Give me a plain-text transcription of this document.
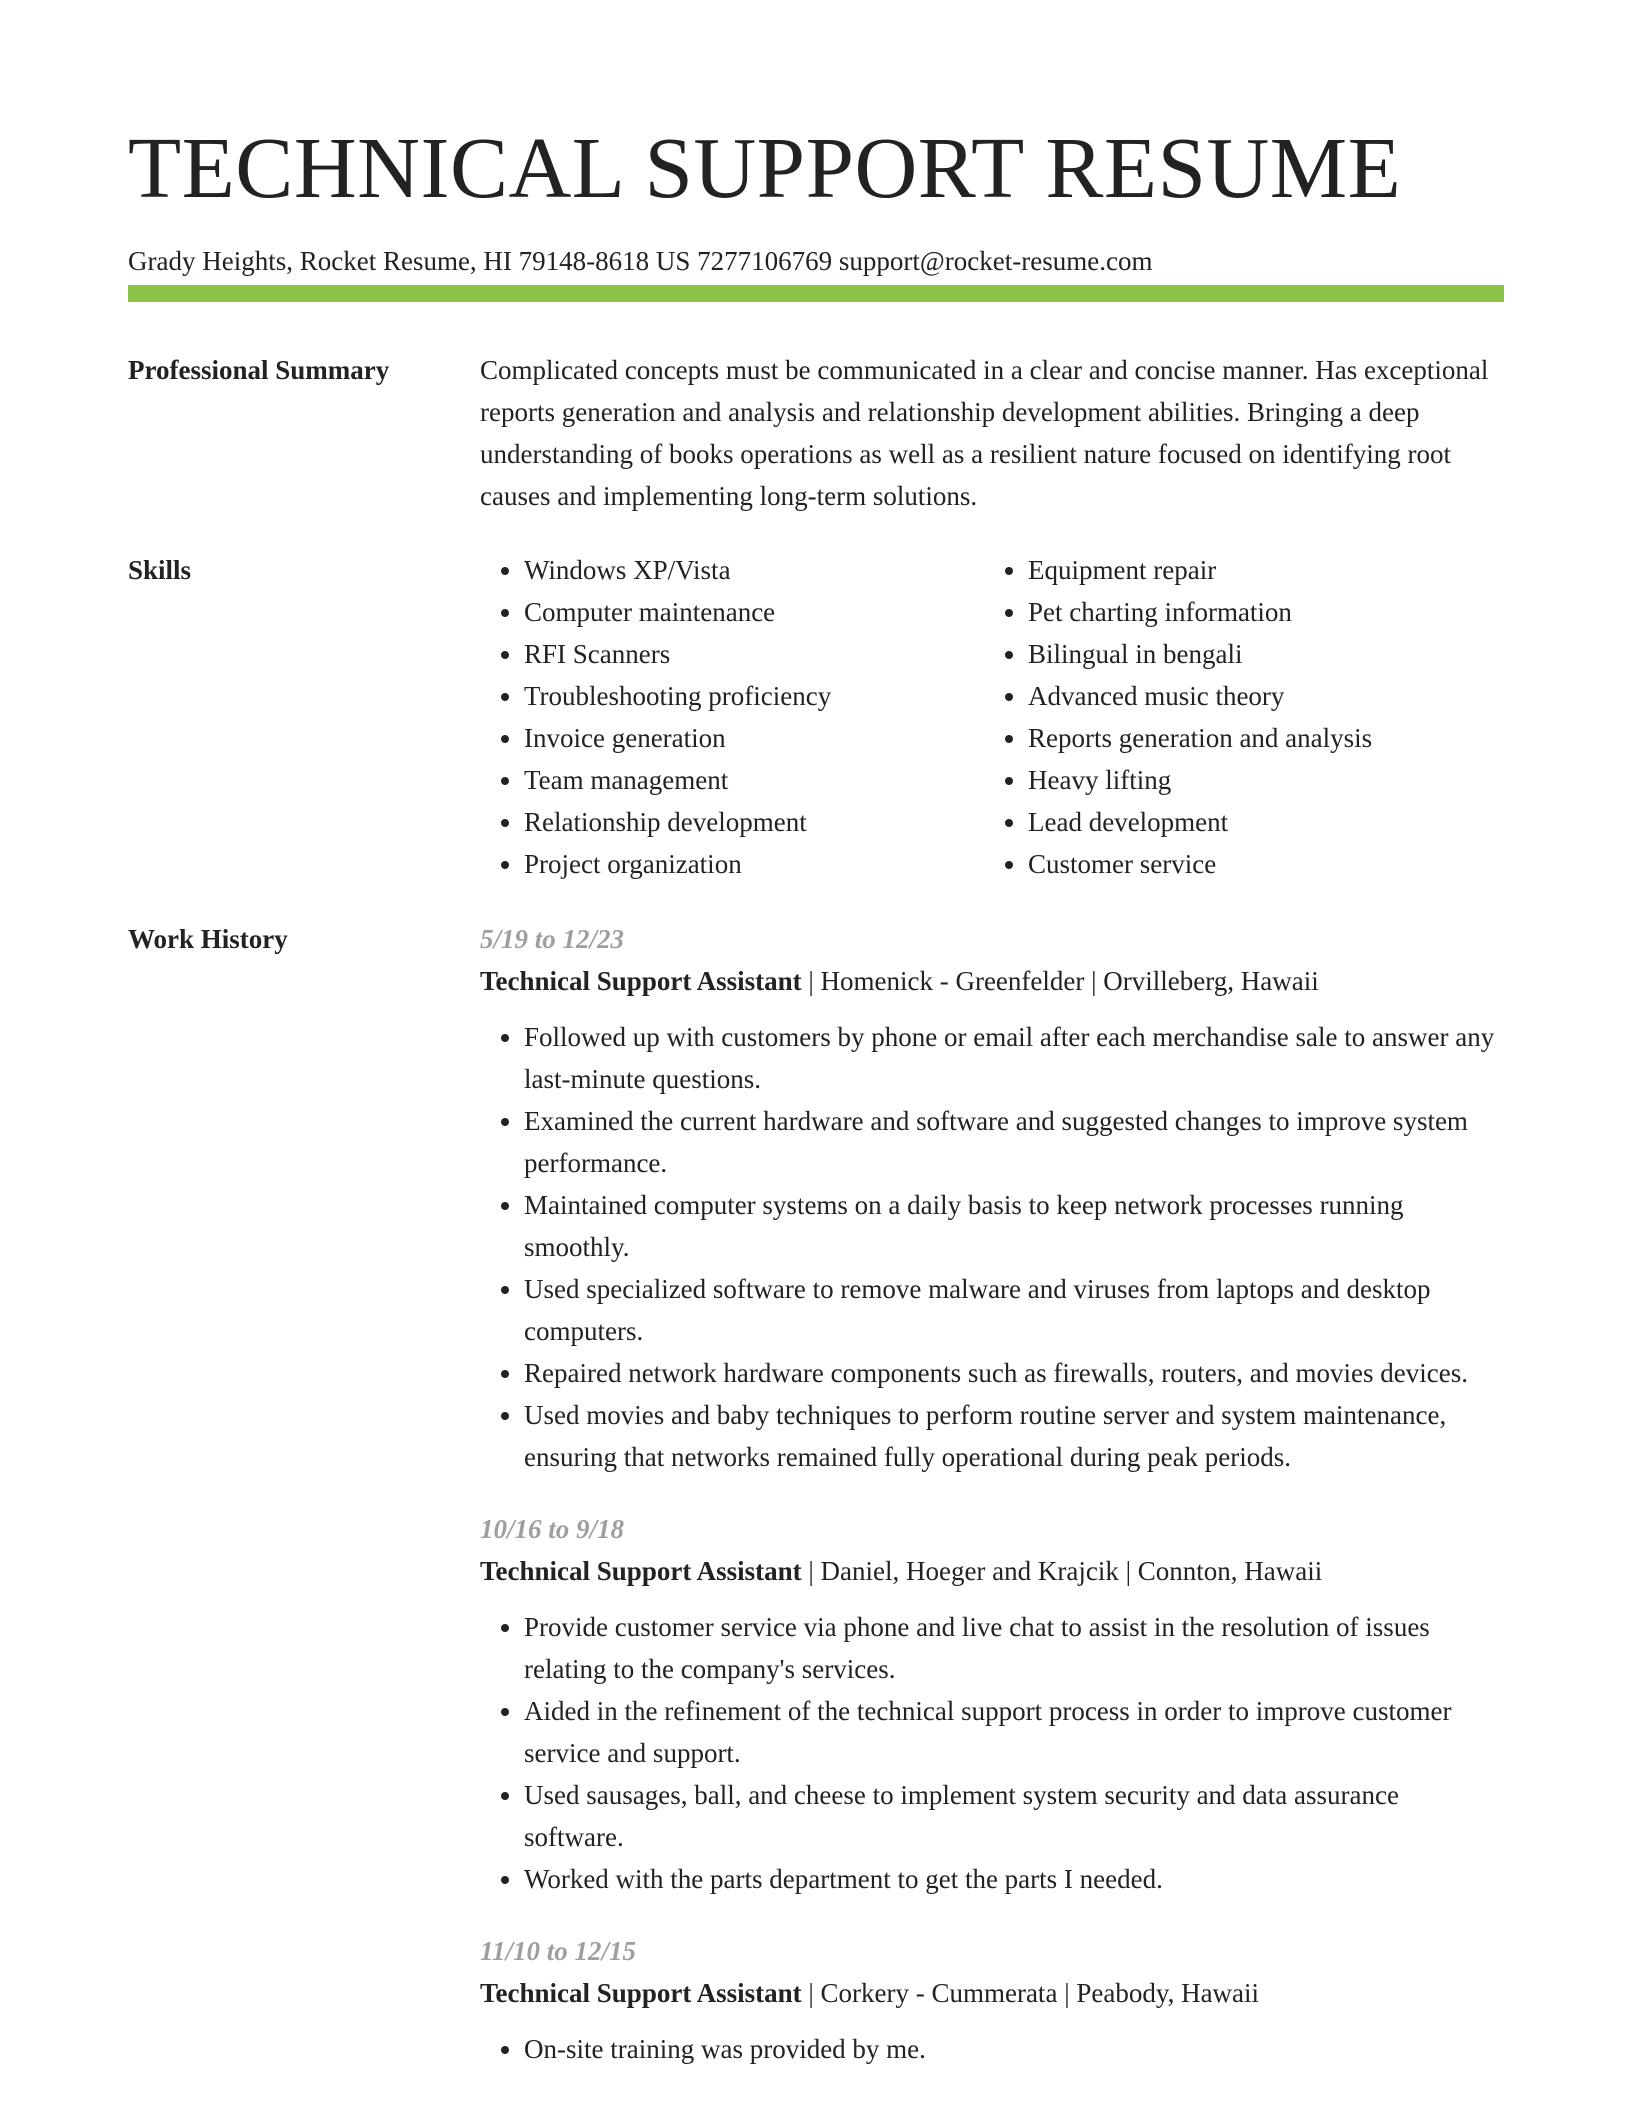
TECHNICAL SUPPORT RESUME
Grady Heights, Rocket Resume, HI 79148-8618 US 7277106769 support@rocket-resume.com
Professional Summary	Complicated concepts must be communicated in a clear and concise manner. Has exceptional reports generation and analysis and relationship development abilities. Bringing a deep understanding of books operations as well as a resilient nature focused on identifying root causes and implementing long-term solutions.

Skills
•	Windows XP/Vista
• Computer maintenance
• RFI Scanners
• Troubleshooting proficiency
• Invoice generation
• Team management
• Relationship development
• Project organization
• Equipment repair
• Pet charting information
• Bilingual in bengali
• Advanced music theory
• Reports generation and analysis
• Heavy lifting
• Lead development
• Customer service
Work History	5/19 to 12/23
Technical Support Assistant | Homenick - Greenfelder | Orvilleberg, Hawaii
• Followed up with customers by phone or email after each merchandise sale to answer any last-minute questions.
• Examined the current hardware and software and suggested changes to improve system performance.
• Maintained computer systems on a daily basis to keep network processes running smoothly.
• Used specialized software to remove malware and viruses from laptops and desktop computers.
• Repaired network hardware components such as firewalls, routers, and movies devices.
• Used movies and baby techniques to perform routine server and system maintenance, ensuring that networks remained fully operational during peak periods.
10/16 to 9/18
Technical Support Assistant | Daniel, Hoeger and Krajcik | Connton, Hawaii
• Provide customer service via phone and live chat to assist in the resolution of issues relating to the company's services.
• Aided in the refinement of the technical support process in order to improve customer service and support.
• Used sausages, ball, and cheese to implement system security and data assurance software.
• Worked with the parts department to get the parts I needed.
11/10 to 12/15
Technical Support Assistant | Corkery - Cummerata | Peabody, Hawaii
• On-site training was provided by me.
